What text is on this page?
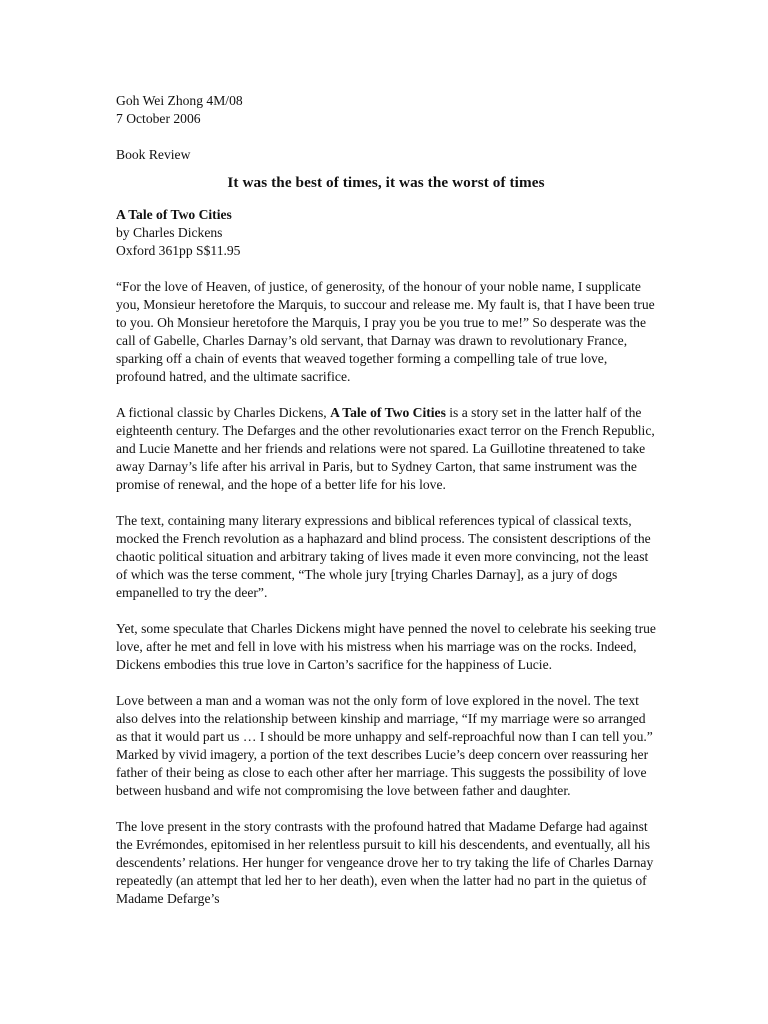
Goh Wei Zhong 4M/08
7 October 2006
Book Review
It was the best of times, it was the worst of times
A Tale of Two Cities
by Charles Dickens
Oxford 361pp S$11.95

“For the love of Heaven, of justice, of generosity, of the honour of your noble name, I supplicate you, Monsieur heretofore the Marquis, to succour and release me. My fault is, that I have been true to you. Oh Monsieur heretofore the Marquis, I pray you be you true to me!” So desperate was the call of Gabelle, Charles Darnay’s old servant, that Darnay was drawn to revolutionary France, sparking off a chain of events that weaved together forming a compelling tale of true love, profound hatred, and the ultimate sacrifice.

A fictional classic by Charles Dickens, A Tale of Two Cities is a story set in the latter half of the eighteenth century. The Defarges and the other revolutionaries exact terror on the French Republic, and Lucie Manette and her friends and relations were not spared. La Guillotine threatened to take away Darnay’s life after his arrival in Paris, but to Sydney Carton, that same instrument was the promise of renewal, and the hope of a better life for his love.

The text, containing many literary expressions and biblical references typical of classical texts, mocked the French revolution as a haphazard and blind process. The consistent descriptions of the chaotic political situation and arbitrary taking of lives made it even more convincing, not the least of which was the terse comment, “The whole jury [trying Charles Darnay], as a jury of dogs empanelled to try the deer”.

Yet, some speculate that Charles Dickens might have penned the novel to celebrate his seeking true love, after he met and fell in love with his mistress when his marriage was on the rocks. Indeed, Dickens embodies this true love in Carton’s sacrifice for the happiness of Lucie.

Love between a man and a woman was not the only form of love explored in the novel. The text also delves into the relationship between kinship and marriage, “If my marriage were so arranged as that it would part us … I should be more unhappy and self-reproachful now than I can tell you.” Marked by vivid imagery, a portion of the text describes Lucie’s deep concern over reassuring her father of their being as close to each other after her marriage. This suggests the possibility of love between husband and wife not compromising the love between father and daughter.

The love present in the story contrasts with the profound hatred that Madame Defarge had against the Evrémondes, epitomised in her relentless pursuit to kill his descendents, and eventually, all his descendents’ relations. Her hunger for vengeance drove her to try taking the life of Charles Darnay repeatedly (an attempt that led her to her death), even when the latter had no part in the quietus of Madame Defarge’s
